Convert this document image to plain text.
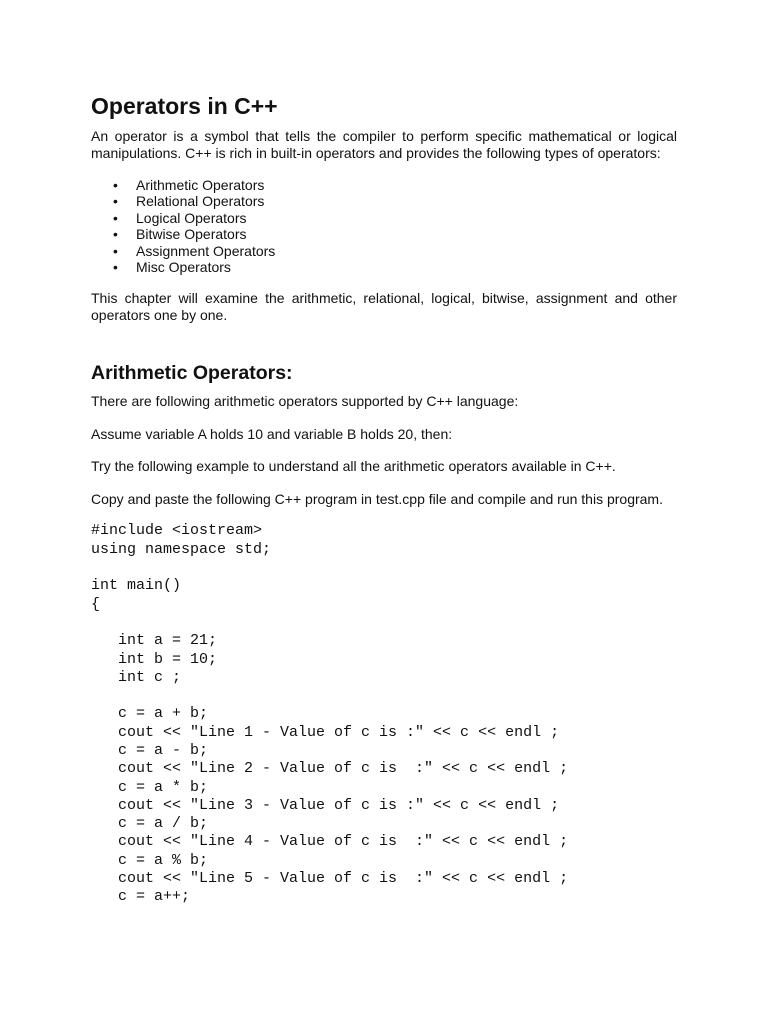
Operators in C++

An operator is a symbol that tells the compiler to perform specific mathematical or logical manipulations. C++ is rich in built-in operators and provides the following types of operators:

• Arithmetic Operators
• Relational Operators
• Logical Operators
• Bitwise Operators
• Assignment Operators
• Misc Operators

This chapter will examine the arithmetic, relational, logical, bitwise, assignment and other operators one by one.

Arithmetic Operators:

There are following arithmetic operators supported by C++ language:

Assume variable A holds 10 and variable B holds 20, then:

Try the following example to understand all the arithmetic operators available in C++.

Copy and paste the following C++ program in test.cpp file and compile and run this program.

#include <iostream>
using namespace std;
int main()
{
int a = 21;
int b = 10;
int c ;
c = a + b;
cout << "Line 1 - Value of c is :" << c << endl ;
c = a - b;
cout << "Line 2 - Value of c is  :" << c << endl ;
c = a * b;
cout << "Line 3 - Value of c is :" << c << endl ;
c = a / b;
cout << "Line 4 - Value of c is  :" << c << endl ;
c = a % b;
cout << "Line 5 - Value of c is  :" << c << endl ;
c = a++;
